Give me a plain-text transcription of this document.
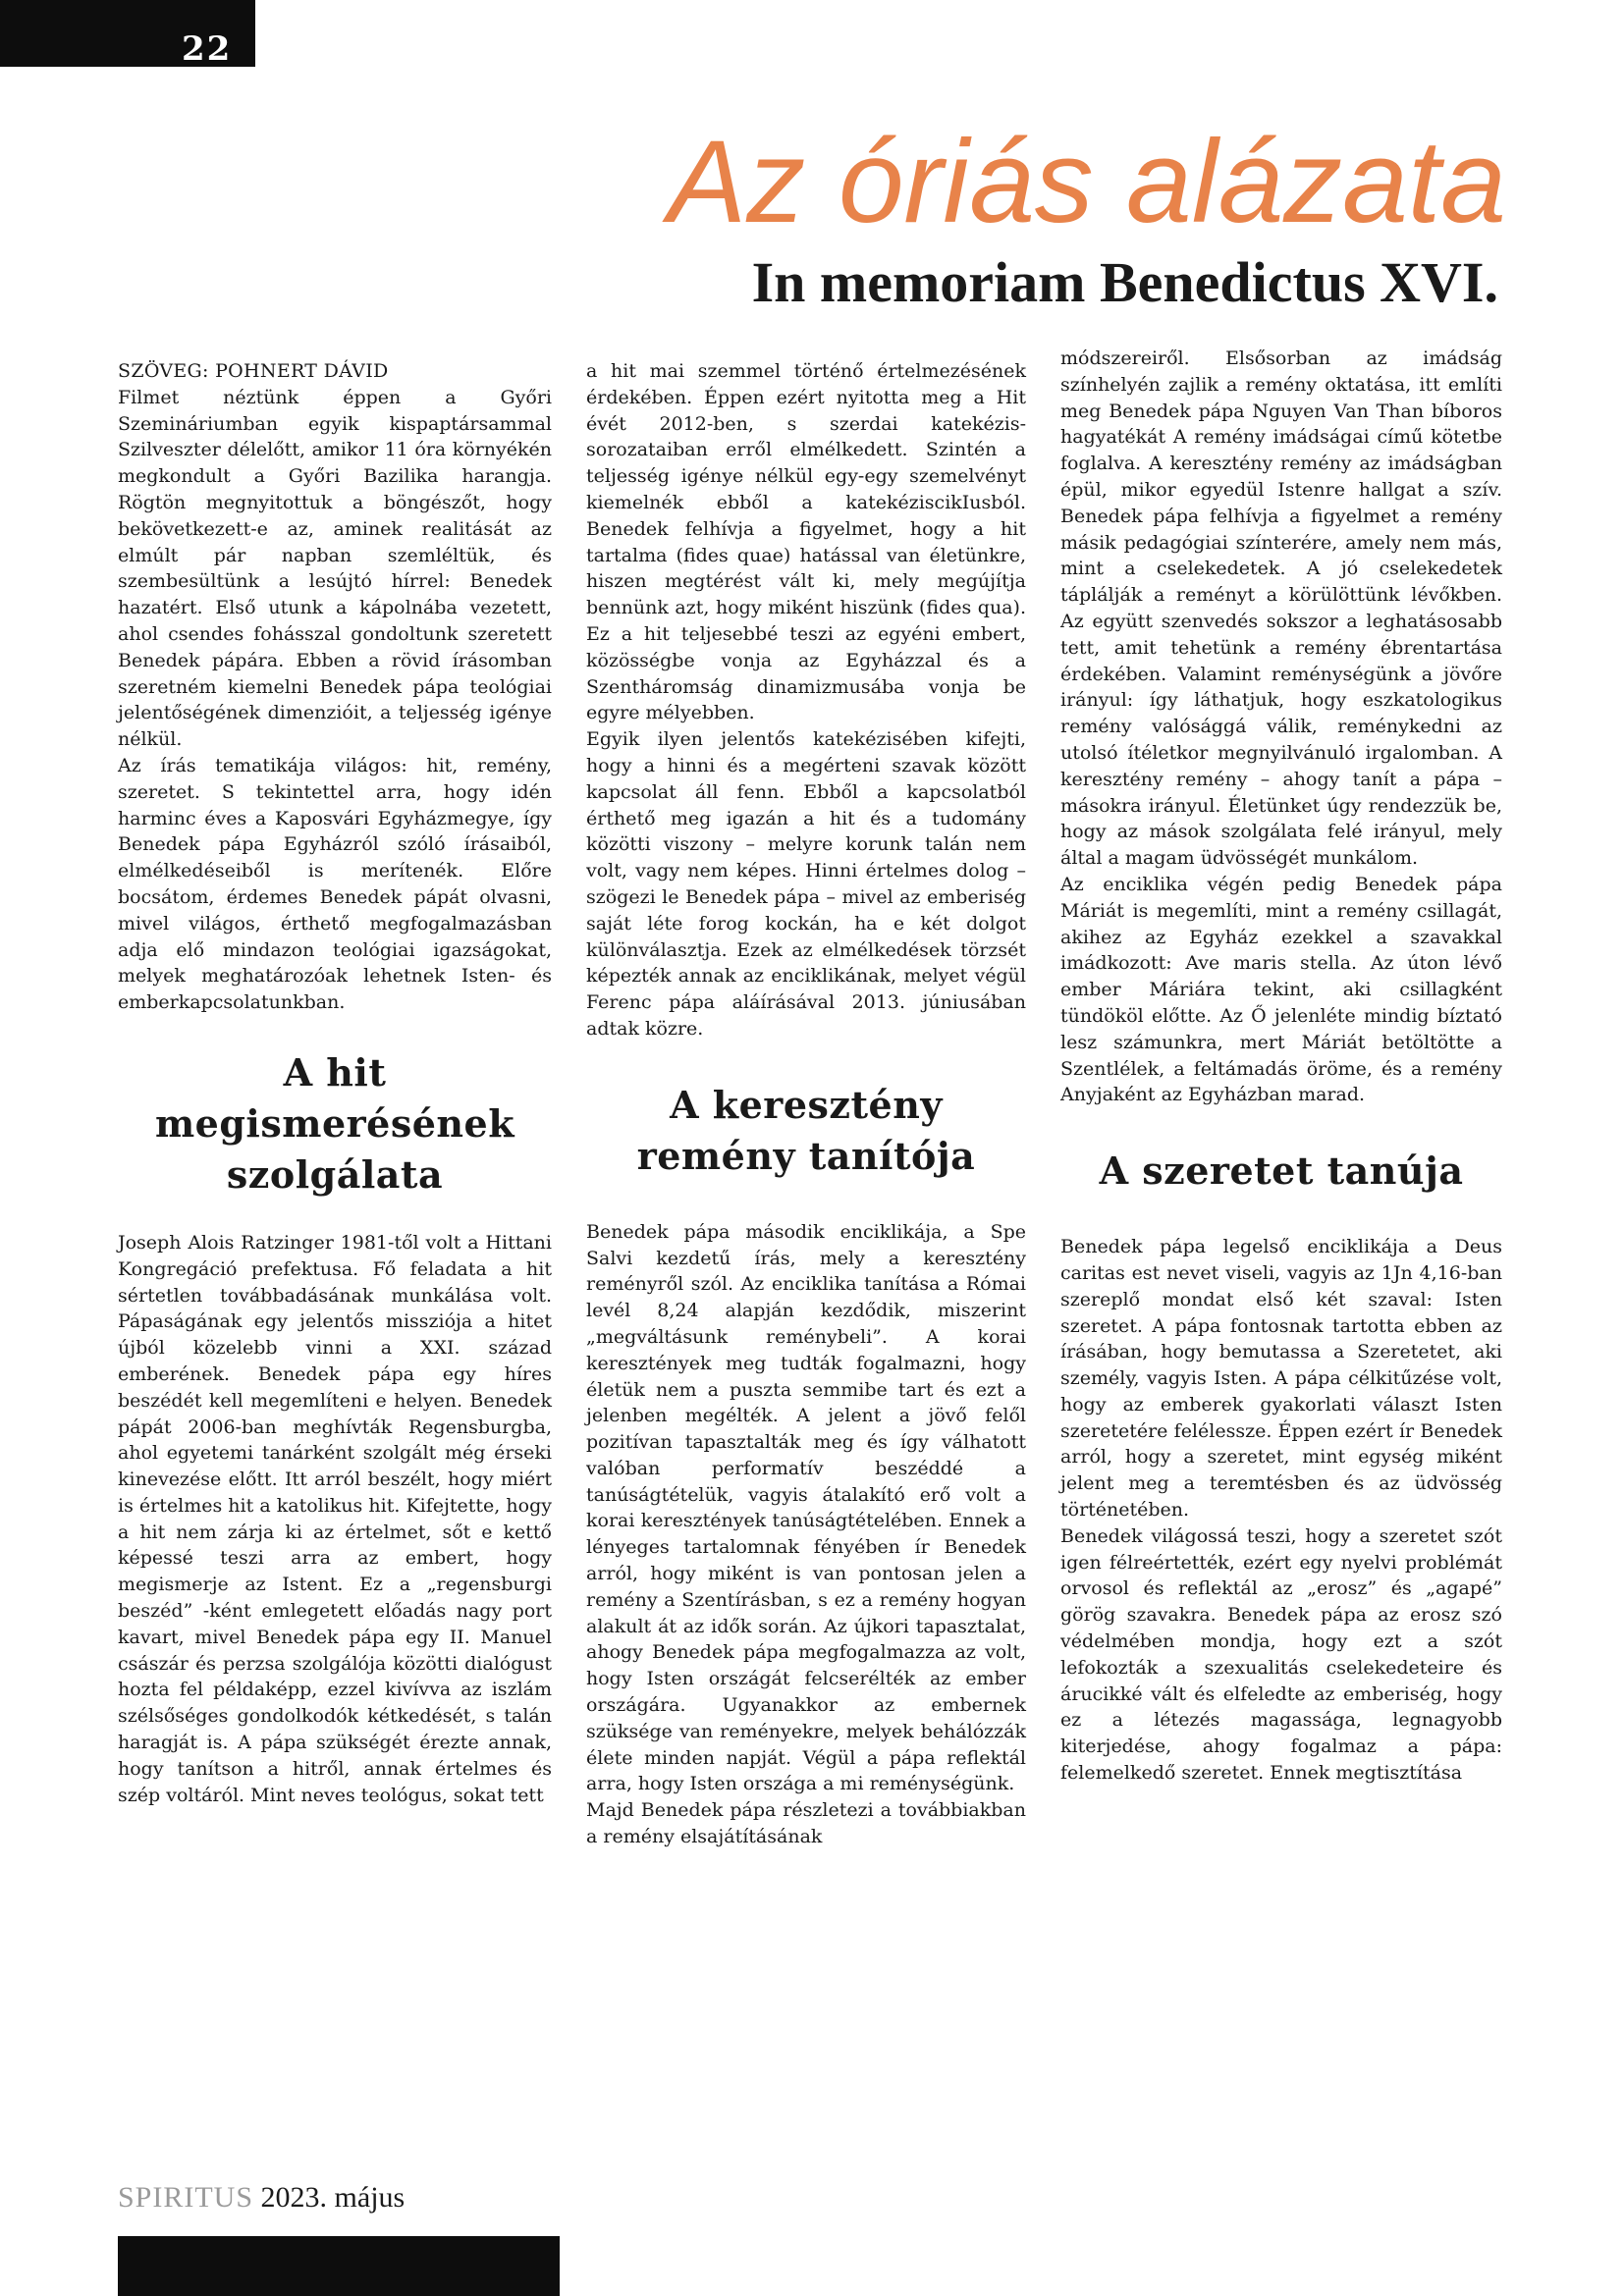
22
Az óriás alázata
In memoriam Benedictus XVI.

SZÖVEG: POHNERT DÁVID

Filmet néztünk éppen a Győri Szemináriumban egyik kispaptársammal Szilveszter délelőtt, amikor 11 óra környékén megkondult a Győri Bazilika harangja. Rögtön megnyitottuk a böngészőt, hogy bekövetkezett-e az, aminek realitását az elmúlt pár napban szemléltük, és szembesültünk a lesújtó hírrel: Benedek hazatért. Első utunk a kápolnába vezetett, ahol csendes fohásszal gondoltunk szeretett Benedek pápára. Ebben a rövid írásomban szeretném kiemelni Benedek pápa teológiai jelentőségének dimenzióit, a teljesség igénye nélkül.

Az írás tematikája világos: hit, remény, szeretet. S tekintettel arra, hogy idén harminc éves a Kaposvári Egyházmegye, így Benedek pápa Egyházról szóló írásaiból, elmélkedéseiből is merítenék. Előre bocsátom, érdemes Benedek pápát olvasni, mivel világos, érthető megfogalmazásban adja elő mindazon teológiai igazságokat, melyek meghatározóak lehetnek Isten- és emberkapcsolatunkban.

A hit megismerésének szolgálata

Joseph Alois Ratzinger 1981-től volt a Hittani Kongregáció prefektusa. Fő feladata a hit sértetlen továbbadásának munkálása volt. Pápaságának egy jelentős missziója a hitet újból közelebb vinni a XXI. század emberének. Benedek pápa egy híres beszédét kell megemlíteni e helyen. Benedek pápát 2006-ban meghívták Regensburgba, ahol egyetemi tanárként szolgált még érseki kinevezése előtt. Itt arról beszélt, hogy miért is értelmes hit a katolikus hit. Kifejtette, hogy a hit nem zárja ki az értelmet, sőt e kettő képessé teszi arra az embert, hogy megismerje az Istent. Ez a „regensburgi beszéd” -ként emlegetett előadás nagy port kavart, mivel Benedek pápa egy II. Manuel császár és perzsa szolgálója közötti dialógust hozta fel példaképp, ezzel kivívva az iszlám szélsőséges gondolkodók kétkedését, s talán haragját is. A pápa szükségét érezte annak, hogy tanítson a hitről, annak értelmes és szép voltáról. Mint neves teológus, sokat tett

a hit mai szemmel történő értelmezésének érdekében. Éppen ezért nyitotta meg a Hit évét 2012-ben, s szerdai katekézis-sorozataiban erről elmélkedett. Szintén a teljesség igénye nélkül egy-egy szemelvényt kiemelnék ebből a katekéziscikIusból. Benedek felhívja a figyelmet, hogy a hit tartalma (fides quae) hatással van életünkre, hiszen megtérést vált ki, mely megújítja bennünk azt, hogy miként hiszünk (fides qua). Ez a hit teljesebbé teszi az egyéni embert, közösségbe vonja az Egyházzal és a Szentháromság dinamizmusába vonja be egyre mélyebben.

Egyik ilyen jelentős katekézisében kifejti, hogy a hinni és a megérteni szavak között kapcsolat áll fenn. Ebből a kapcsolatból érthető meg igazán a hit és a tudomány közötti viszony – melyre korunk talán nem volt, vagy nem képes. Hinni értelmes dolog – szögezi le Benedek pápa – mivel az emberiség saját léte forog kockán, ha e két dolgot különválasztja. Ezek az elmélkedések törzsét képezték annak az enciklikának, melyet végül Ferenc pápa aláírásával 2013. júniusában adtak közre.

A keresztény remény tanítója

Benedek pápa második enciklikája, a Spe Salvi kezdetű írás, mely a keresztény reményről szól. Az enciklika tanítása a Római levél 8,24 alapján kezdődik, miszerint „megváltásunk reménybeli”. A korai keresztények meg tudták fogalmazni, hogy életük nem a puszta semmibe tart és ezt a jelenben megélték. A jelent a jövő felől pozitívan tapasztalták meg és így válhatott valóban performatív beszéddé a tanúságtételük, vagyis átalakító erő volt a korai keresztények tanúságtételében. Ennek a lényeges tartalomnak fényében ír Benedek arról, hogy miként is van pontosan jelen a remény a Szentírásban, s ez a remény hogyan alakult át az idők során. Az újkori tapasztalat, ahogy Benedek pápa megfogalmazza az volt, hogy Isten országát felcserélték az ember országára. Ugyanakkor az embernek szüksége van reményekre, melyek behálózzák élete minden napját. Végül a pápa reflektál arra, hogy Isten országa a mi reménységünk.

Majd Benedek pápa részletezi a továbbiakban a remény elsajátításának

módszereiről. Elsősorban az imádság színhelyén zajlik a remény oktatása, itt említi meg Benedek pápa Nguyen Van Than bíboros hagyatékát A remény imádságai című kötetbe foglalva. A keresztény remény az imádságban épül, mikor egyedül Istenre hallgat a szív. Benedek pápa felhívja a figyelmet a remény másik pedagógiai színterére, amely nem más, mint a cselekedetek. A jó cselekedetek táplálják a reményt a körülöttünk lévőkben. Az együtt szenvedés sokszor a leghatásosabb tett, amit tehetünk a remény ébrentartása érdekében. Valamint reménységünk a jövőre irányul: így láthatjuk, hogy eszkatologikus remény valósággá válik, reménykedni az utolsó ítéletkor megnyilvánuló irgalomban. A keresztény remény – ahogy tanít a pápa – másokra irányul. Életünket úgy rendezzük be, hogy az mások szolgálata felé irányul, mely által a magam üdvösségét munkálom.

Az enciklika végén pedig Benedek pápa Máriát is megemlíti, mint a remény csillagát, akihez az Egyház ezekkel a szavakkal imádkozott: Ave maris stella. Az úton lévő ember Máriára tekint, aki csillagként tündököl előtte. Az Ő jelenléte mindig bíztató lesz számunkra, mert Máriát betöltötte a Szentlélek, a feltámadás öröme, és a remény Anyjaként az Egyházban marad.

A szeretet tanúja

Benedek pápa legelső enciklikája a Deus caritas est nevet viseli, vagyis az 1Jn 4,16-ban szereplő mondat első két szaval: Isten szeretet. A pápa fontosnak tartotta ebben az írásában, hogy bemutassa a Szeretetet, aki személy, vagyis Isten. A pápa célkitűzése volt, hogy az emberek gyakorlati választ Isten szeretetére felélessze. Éppen ezért ír Benedek arról, hogy a szeretet, mint egység miként jelent meg a teremtésben és az üdvösség történetében.

Benedek világossá teszi, hogy a szeretet szót igen félreértették, ezért egy nyelvi problémát orvosol és reflektál az „erosz” és „agapé” görög szavakra. Benedek pápa az erosz szó védelmében mondja, hogy ezt a szót lefokozták a szexualitás cselekedeteire és árucikké vált és elfeledte az emberiség, hogy ez a létezés magassága, legnagyobb kiterjedése, ahogy fogalmaz a pápa: felemelkedő szeretet. Ennek megtisztítása

SPIRITUS 2023. május
